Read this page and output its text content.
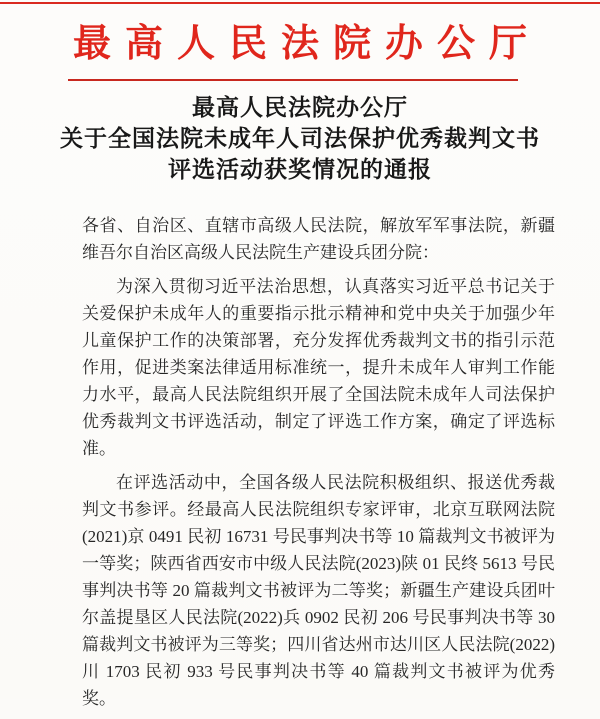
最高人民法院办公厅
最高人民法院办公厅
关于全国法院未成年人司法保护优秀裁判文书
评选活动获奖情况的通报

各省、自治区、直辖市高级人民法院，解放军军事法院，新疆维吾尔自治区高级人民法院生产建设兵团分院：

为深入贯彻习近平法治思想，认真落实习近平总书记关于关爱保护未成年人的重要指示批示精神和党中央关于加强少年儿童保护工作的决策部署，充分发挥优秀裁判文书的指引示范作用，促进类案法律适用标准统一，提升未成年人审判工作能力水平，最高人民法院组织开展了全国法院未成年人司法保护优秀裁判文书评选活动，制定了评选工作方案，确定了评选标准。

在评选活动中，全国各级人民法院积极组织、报送优秀裁判文书参评。经最高人民法院组织专家评审，北京互联网法院(2021)京 0491 民初 16731 号民事判决书等 10 篇裁判文书被评为一等奖；陕西省西安市中级人民法院(2023)陕 01 民终 5613 号民事判决书等 20 篇裁判文书被评为二等奖；新疆生产建设兵团叶尔盖提垦区人民法院(2022)兵 0902 民初 206 号民事判决书等 30 篇裁判文书被评为三等奖；四川省达州市达川区人民法院(2022)川 1703 民初 933 号民事判决书等 40 篇裁判文书被评为优秀奖。
